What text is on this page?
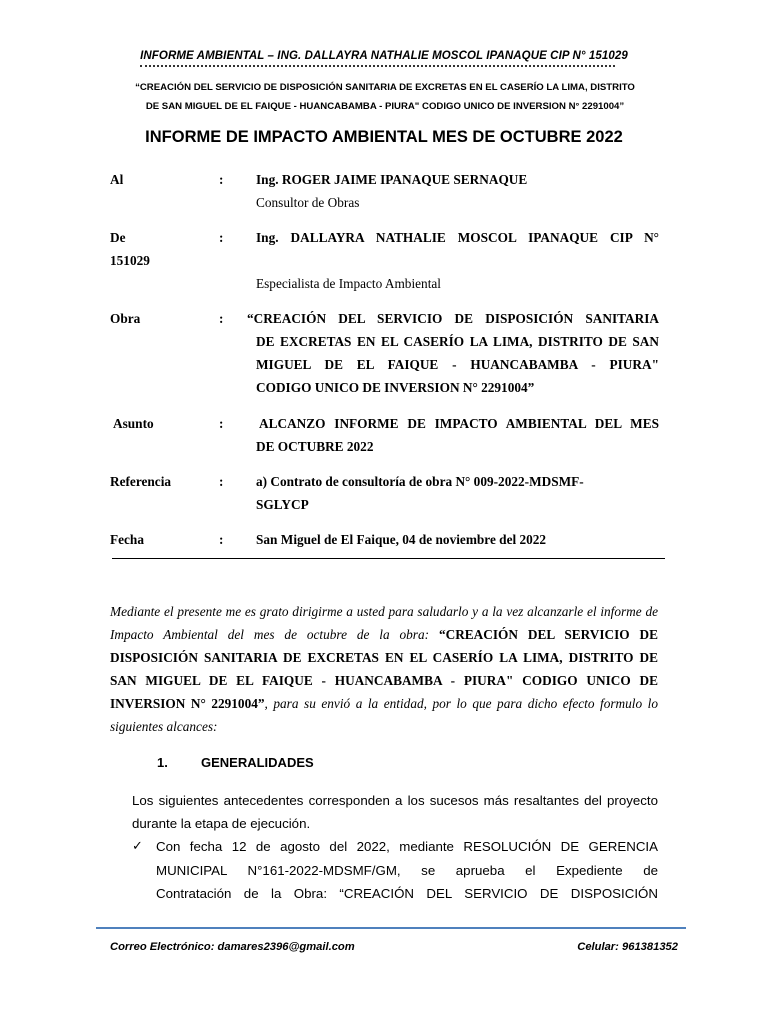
INFORME AMBIENTAL – ING. DALLAYRA NATHALIE MOSCOL IPANAQUE CIP N° 151029
“CREACIÓN DEL SERVICIO DE DISPOSICIÓN SANITARIA DE EXCRETAS EN EL CASERÍO LA LIMA, DISTRITO
DE SAN MIGUEL DE EL FAIQUE - HUANCABAMBA - PIURA" CODIGO UNICO DE INVERSION N° 2291004”
INFORME DE IMPACTO AMBIENTAL MES DE OCTUBRE 2022
Al	: Ing. ROGER JAIME IPANAQUE SERNAQUE
Consultor de Obras
De	: Ing. DALLAYRA NATHALIE MOSCOL IPANAQUE CIP N°
151029
Especialista de Impacto Ambiental
Obra	: “CREACIÓN DEL SERVICIO DE DISPOSICIÓN SANITARIA
DE EXCRETAS EN EL CASERÍO LA LIMA, DISTRITO DE SAN
MIGUEL DE EL FAIQUE - HUANCABAMBA - PIURA"
CODIGO UNICO DE INVERSION N° 2291004”
Asunto	:	ALCANZO INFORME DE IMPACTO AMBIENTAL DEL MES
DE OCTUBRE 2022
Referencia	: a) Contrato de consultoría de obra N° 009-2022-MDSMF-
SGLYCP
Fecha	: San Miguel de El Faique, 04 de noviembre del 2022
Mediante el presente me es grato dirigirme a usted para saludarlo y a la vez alcanzarle el informe de Impacto Ambiental del mes de octubre de la obra: “CREACIÓN DEL SERVICIO DE DISPOSICIÓN SANITARIA DE EXCRETAS EN EL CASERÍO LA LIMA, DISTRITO DE SAN MIGUEL DE EL FAIQUE - HUANCABAMBA - PIURA" CODIGO UNICO DE INVERSION N° 2291004”, para su envió a la entidad, por lo que para dicho efecto formulo lo siguientes alcances:
1.	GENERALIDADES
Los siguientes antecedentes corresponden a los sucesos más resaltantes del proyecto durante la etapa de ejecución.
✓ Con fecha 12 de agosto del 2022, mediante RESOLUCIÓN DE GERENCIA
MUNICIPAL N°161-2022-MDSMF/GM, se aprueba el Expediente de
Contratación de la Obra: “CREACIÓN DEL SERVICIO DE DISPOSICIÓN
Correo Electrónico: damares2396@gmail.com	Celular: 961381352
